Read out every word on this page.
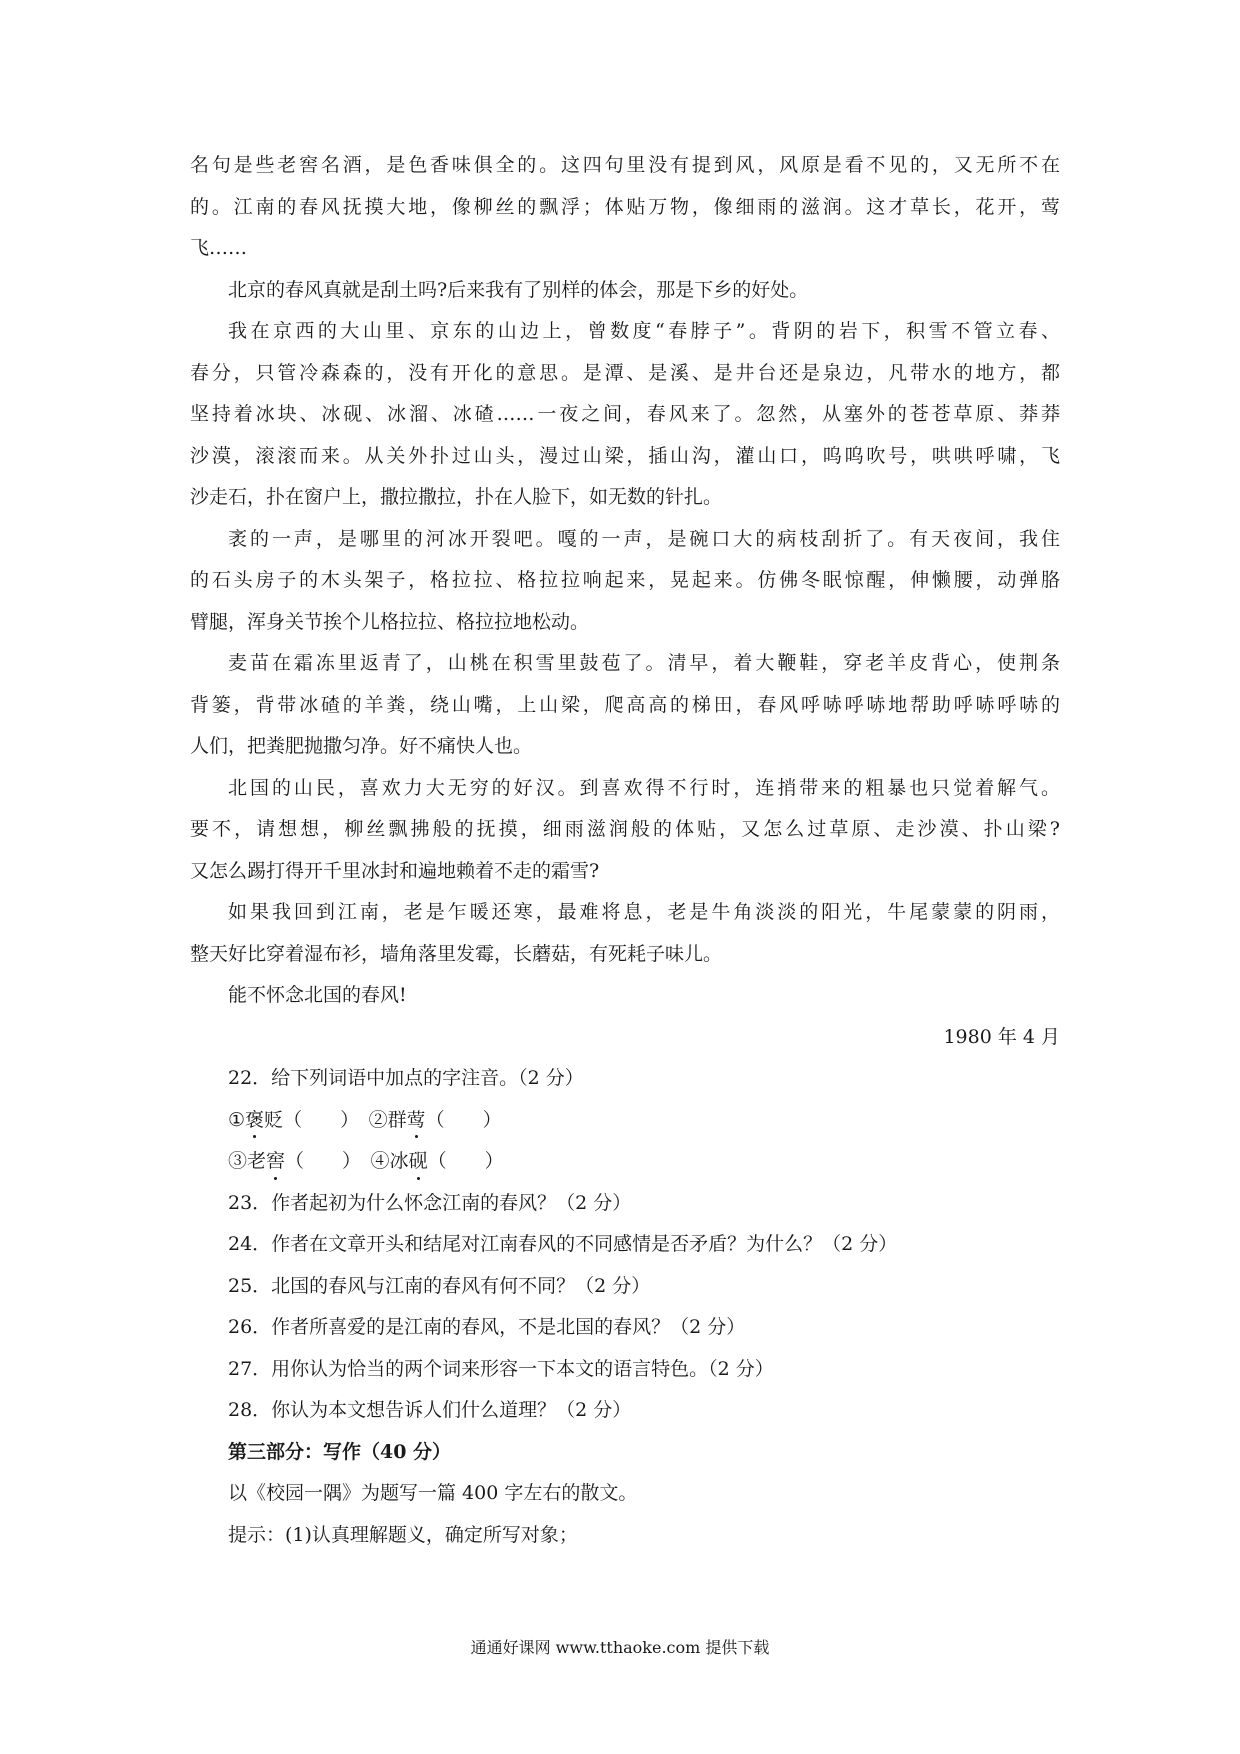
名句是些老窖名酒，是色香味俱全的。这四句里没有提到风，风原是看不见的，又无所不在
的。江南的春风抚摸大地，像柳丝的飘浮；体贴万物，像细雨的滋润。这才草长，花开，莺
飞……
北京的春风真就是刮土吗?后来我有了别样的体会，那是下乡的好处。
我在京西的大山里、京东的山边上，曾数度“春脖子”。背阴的岩下，积雪不管立春、
春分，只管冷森森的，没有开化的意思。是潭、是溪、是井台还是泉边，凡带水的地方，都
坚持着冰块、冰砚、冰溜、冰碴……一夜之间，春风来了。忽然，从塞外的苍苍草原、莽莽
沙漠，滚滚而来。从关外扑过山头，漫过山梁，插山沟，灌山口，呜呜吹号，哄哄呼啸，飞
沙走石，扑在窗户上，撒拉撒拉，扑在人脸下，如无数的针扎。
袤的一声，是哪里的河冰开裂吧。嘎的一声，是碗口大的病枝刮折了。有天夜间，我住
的石头房子的木头架子，格拉拉、格拉拉响起来，晃起来。仿佛冬眠惊醒，伸懒腰，动弹胳
臂腿，浑身关节挨个儿格拉拉、格拉拉地松动。
麦苗在霜冻里返青了，山桃在积雪里鼓苞了。清早，着大鞭鞋，穿老羊皮背心，使荆条
背篓，背带冰碴的羊粪，绕山嘴，上山梁，爬高高的梯田，春风呼哧呼哧地帮助呼哧呼哧的
人们，把粪肥抛撒匀净。好不痛快人也。
北国的山民，喜欢力大无穷的好汉。到喜欢得不行时，连捎带来的粗暴也只觉着解气。
要不，请想想，柳丝飘拂般的抚摸，细雨滋润般的体贴，又怎么过草原、走沙漠、扑山梁?
又怎么踢打得开千里冰封和遍地赖着不走的霜雪?
如果我回到江南，老是乍暖还寒，最难将息，老是牛角淡淡的阳光，牛尾蒙蒙的阴雨，
整天好比穿着湿布衫，墙角落里发霉，长蘑菇，有死耗子味儿。
能不怀念北国的春风!
1980 年 4 月
22．给下列词语中加点的字注音。（2 分）
①褒贬（　　）　②群莺（　　）
③老窖（　　）　④冰砚（　　）
23．作者起初为什么怀念江南的春风？（2 分）
24．作者在文章开头和结尾对江南春风的不同感情是否矛盾？为什么？（2 分）
25．北国的春风与江南的春风有何不同？（2 分）
26．作者所喜爱的是江南的春风，不是北国的春风？（2 分）
27．用你认为恰当的两个词来形容一下本文的语言特色。（2 分）
28．你认为本文想告诉人们什么道理？（2 分）
第三部分：写作（40 分）
以《校园一隅》为题写一篇 400 字左右的散文。
提示：(1)认真理解题义，确定所写对象；
通通好课网 www.tthaoke.com 提供下载
